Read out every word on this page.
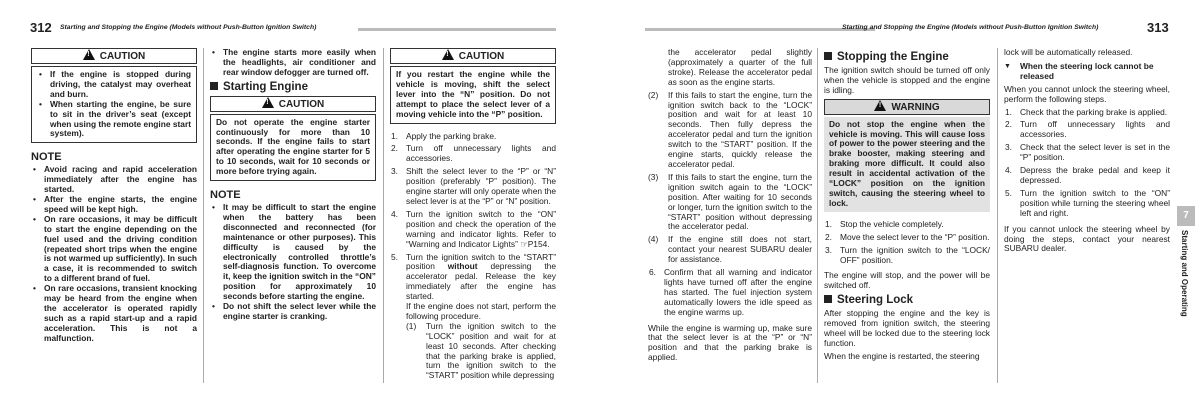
312 Starting and Stopping the Engine (Models without Push-Button Ignition Switch)	Starting and Stopping the Engine (Models without Push-Button Ignition Switch)	313
!CAUTION
• If the engine is stopped during driving, the catalyst may overheat and burn.
• When starting the engine, be sure to sit in the driver’s seat (except when using the remote engine start system).
NOTE
• Avoid racing and rapid acceleration immediately after the engine has started.
• After the engine starts, the engine speed will be kept high.
• On rare occasions, it may be difficult to start the engine depending on the fuel used and the driving condition (repeated short trips when the engine is not warmed up sufficiently). In such a case, it is recommended to switch to a different brand of fuel.
• On rare occasions, transient knocking may be heard from the engine when the accelerator is operated rapidly such as a rapid start-up and a rapid acceleration. This is not a malfunction.
• The engine starts more easily when the headlights, air conditioner and rear window defogger are turned off.
Starting Engine
!CAUTION
Do not operate the engine starter continuously for more than 10 seconds. If the engine fails to start after operating the engine starter for 5 to 10 seconds, wait for 10 seconds or more before trying again.
NOTE
• It may be difficult to start the engine when the battery has been disconnected and reconnected (for maintenance or other purposes). This difficulty is caused by the electronically controlled throttle’s self-diagnosis function. To overcome it, keep the ignition switch in the “ON” position for approximately 10 seconds before starting the engine.
• Do not shift the select lever while the engine starter is cranking.
!CAUTION
If you restart the engine while the vehicle is moving, shift the select lever into the “N” position. Do not attempt to place the select lever of a moving vehicle into the “P” position.
1. Apply the parking brake.
2. Turn off unnecessary lights and accessories.
3. Shift the select lever to the “P” or “N” position (preferably “P” position). The engine starter will only operate when the select lever is at the “P” or “N” position.
4. Turn the ignition switch to the “ON” position and check the operation of the warning and indicator lights. Refer to “Warning and Indicator Lights” ☞P154.
5. Turn the ignition switch to the “START” position without depressing the accelerator pedal. Release the key immediately after the engine has started.
If the engine does not start, perform the following procedure.
(1) Turn the ignition switch to the “LOCK” position and wait for at least 10 seconds. After checking that the parking brake is applied, turn the ignition switch to the “START” position while depressing
the accelerator pedal slightly (approximately a quarter of the full stroke). Release the accelerator pedal as soon as the engine starts.
(2) If this fails to start the engine, turn the ignition switch back to the “LOCK” position and wait for at least 10 seconds. Then fully depress the accelerator pedal and turn the ignition switch to the “START” position. If the engine starts, quickly release the accelerator pedal.
(3) If this fails to start the engine, turn the ignition switch again to the “LOCK” position. After waiting for 10 seconds or longer, turn the ignition switch to the “START” position without depressing the accelerator pedal.
(4) If the engine still does not start, contact your nearest SUBARU dealer for assistance.
6. Confirm that all warning and indicator lights have turned off after the engine has started. The fuel injection system automatically lowers the idle speed as the engine warms up.
While the engine is warming up, make sure that the select lever is at the “P” or “N” position and that the parking brake is applied.
Stopping the Engine
The ignition switch should be turned off only when the vehicle is stopped and the engine is idling.
!WARNING
Do not stop the engine when the vehicle is moving. This will cause loss of power to the power steering and the brake booster, making steering and braking more difficult. It could also result in accidental activation of the “LOCK” position on the ignition switch, causing the steering wheel to lock.
1. Stop the vehicle completely.
2. Move the select lever to the “P” position.
3. Turn the ignition switch to the “LOCK/ OFF” position.
The engine will stop, and the power will be switched off.
Steering Lock
After stopping the engine and the key is removed from ignition switch, the steering wheel will be locked due to the steering lock function.
When the engine is restarted, the steering
lock will be automatically released.
▼ When the steering lock cannot be released
When you cannot unlock the steering wheel, perform the following steps.
1. Check that the parking brake is applied.
2. Turn off unnecessary lights and accessories.
3. Check that the select lever is set in the “P” position.
4. Depress the brake pedal and keep it depressed.
5. Turn the ignition switch to the “ON” position while turning the steering wheel left and right.
If you cannot unlock the steering wheel by doing the steps, contact your nearest SUBARU dealer.
7
Starting and Operating
